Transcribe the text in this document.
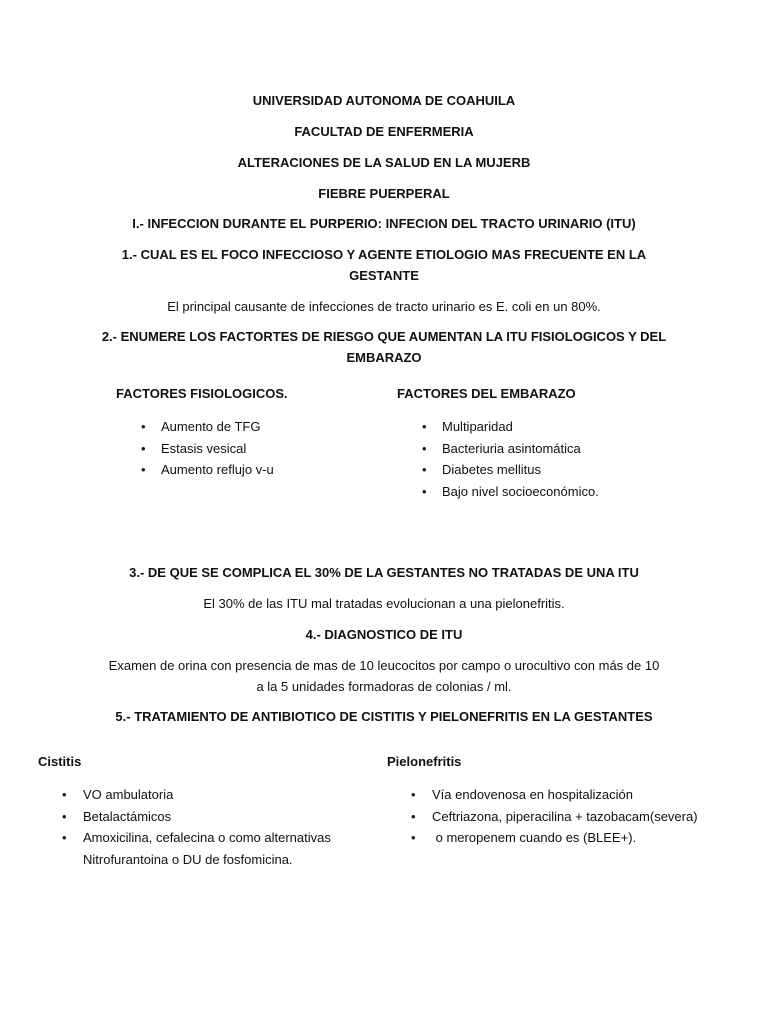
UNIVERSIDAD AUTONOMA DE COAHUILA
FACULTAD DE ENFERMERIA
ALTERACIONES DE LA SALUD EN LA MUJERB
FIEBRE PUERPERAL
I.- INFECCION DURANTE EL PURPERIO: INFECION DEL TRACTO URINARIO (ITU)
1.- CUAL ES EL FOCO INFECCIOSO Y AGENTE ETIOLOGIO MAS FRECUENTE EN LA GESTANTE
El principal causante de infecciones de tracto urinario es E. coli en un 80%.
2.- ENUMERE LOS FACTORTES DE RIESGO QUE AUMENTAN LA ITU FISIOLOGICOS Y DEL EMBARAZO

FACTORES FISIOLOGICOS.

•	Aumento de TFG
•	Estasis vesical
•	Aumento reflujo v-u

FACTORES DEL EMBARAZO

•	Multiparidad
•	Bacteriuria asintomática
•	Diabetes mellitus
•	Bajo nivel socioeconómico.
3.- DE QUE SE COMPLICA EL 30% DE LA GESTANTES NO TRATADAS DE UNA ITU
El 30% de las ITU mal tratadas evolucionan a una pielonefritis.
4.- DIAGNOSTICO DE ITU
Examen de orina con presencia de mas de 10 leucocitos por campo o urocultivo con más de 10 a la 5 unidades formadoras de colonias / ml.
5.- TRATAMIENTO DE ANTIBIOTICO DE CISTITIS Y PIELONEFRITIS EN LA GESTANTES

Cistitis

•	VO ambulatoria
•	Betalactámicos
•	Amoxicilina, cefalecina o como alternativas Nitrofurantoina o DU de fosfomicina.

Pielonefritis

•	Vía endovenosa en hospitalización
•	Ceftriazona, piperacilina + tazobacam(severa)
•	o meropenem cuando es (BLEE+).
